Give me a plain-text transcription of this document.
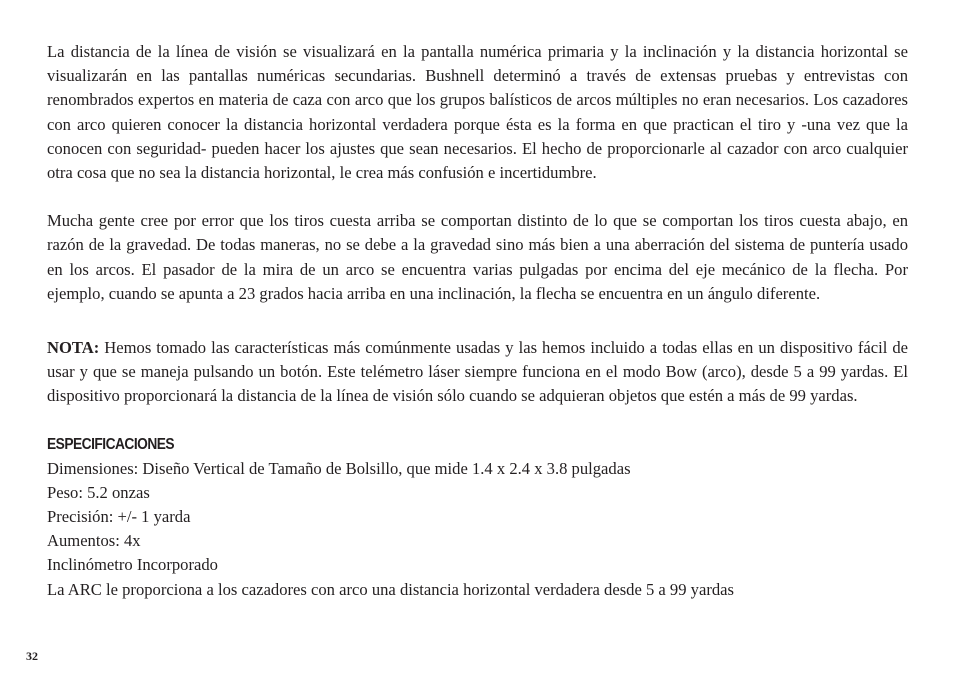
La distancia de la línea de visión se visualizará en la pantalla numérica primaria y la inclinación y la distancia horizontal se visualizarán en las pantallas numéricas secundarias. Bushnell determinó a través de extensas pruebas y entrevistas con renombrados expertos en materia de caza con arco que los grupos balísticos de arcos múltiples no eran necesarios. Los cazadores con arco quieren conocer la distancia horizontal verdadera porque ésta es la forma en que practican el tiro y -una vez que la conocen con seguridad- pueden hacer los ajustes que sean necesarios. El hecho de proporcionarle al cazador con arco cualquier otra cosa que no sea la distancia horizontal, le crea más confusión e incertidumbre.

Mucha gente cree por error que los tiros cuesta arriba se comportan distinto de lo que se comportan los tiros cuesta abajo, en razón de la gravedad. De todas maneras, no se debe a la gravedad sino más bien a una aberración del sistema de puntería usado en los arcos. El pasador de la mira de un arco se encuentra varias pulgadas por encima del eje mecánico de la flecha. Por ejemplo, cuando se apunta a 23 grados hacia arriba en una inclinación, la flecha se encuentra en un ángulo diferente.

NOTA: Hemos tomado las características más comúnmente usadas y las hemos incluido a todas ellas en un dispositivo fácil de usar y que se maneja pulsando un botón. Este telémetro láser siempre funciona en el modo Bow (arco), desde 5 a 99 yardas. El dispositivo proporcionará la distancia de la línea de visión sólo cuando se adquieran objetos que estén a más de 99 yardas.

ESPECIFICACIONES
Dimensiones: Diseño Vertical de Tamaño de Bolsillo, que mide 1.4 x 2.4 x 3.8 pulgadas
Peso: 5.2 onzas
Precisión: +/- 1 yarda
Aumentos: 4x
Inclinómetro Incorporado
La ARC le proporciona a los cazadores con arco una distancia horizontal verdadera desde 5 a 99 yardas
32
